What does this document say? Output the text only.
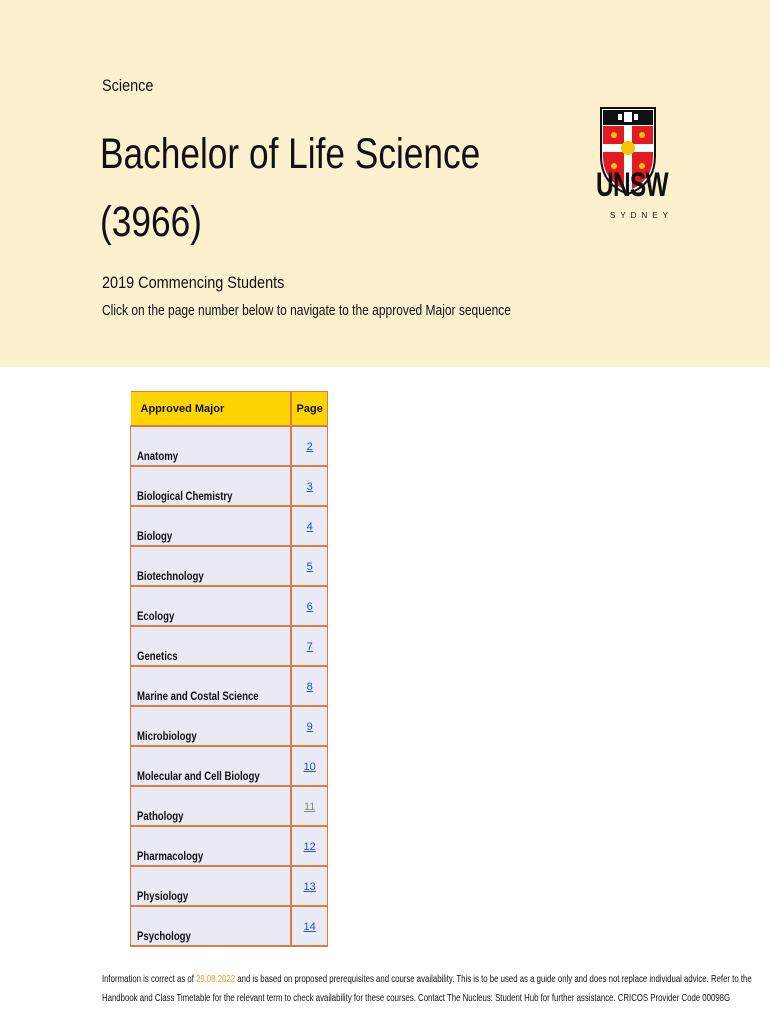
Science
Bachelor of Life Science
(3966)
2019 Commencing Students
Click on the page number below to navigate to the approved Major sequence
UNSW
SYDNEY
Approved Major	Page
Anatomy	2
Biological Chemistry	3
Biology	4
Biotechnology	5
Ecology	6
Genetics	7
Marine and Costal Science	8
Microbiology	9
Molecular and Cell Biology	10
Pathology	11
Pharmacology	12
Physiology	13
Psychology	14
Information is correct as of 29.08.2022 and is based on proposed prerequisites and course availability. This is to be used as a guide only and does not replace individual advice. Refer to the
Handbook and Class Timetable for the relevant term to check availability for these courses. Contact The Nucleus: Student Hub for further assistance. CRICOS Provider Code 00098G
